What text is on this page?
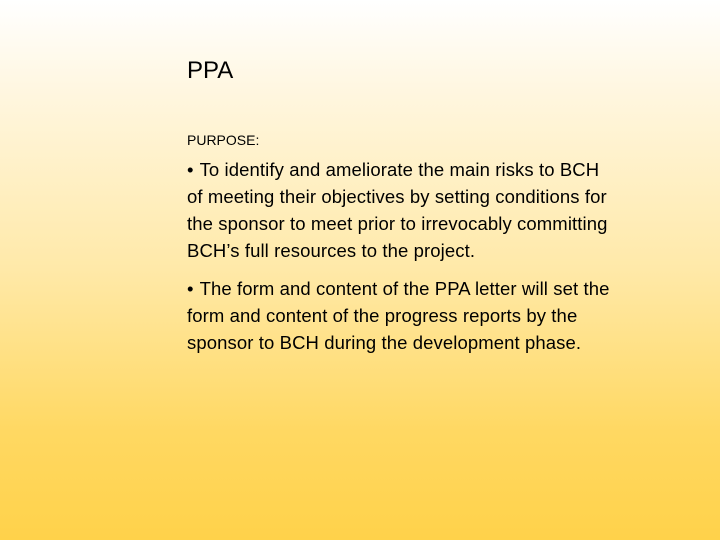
PPA
PURPOSE:

• To identify and ameliorate the main risks to BCH of meeting their objectives by setting conditions for the sponsor to meet prior to irrevocably committing BCH’s full resources to the project.

• The form and content of the PPA letter will set the form and content of the progress reports by the sponsor to BCH during the development phase.
